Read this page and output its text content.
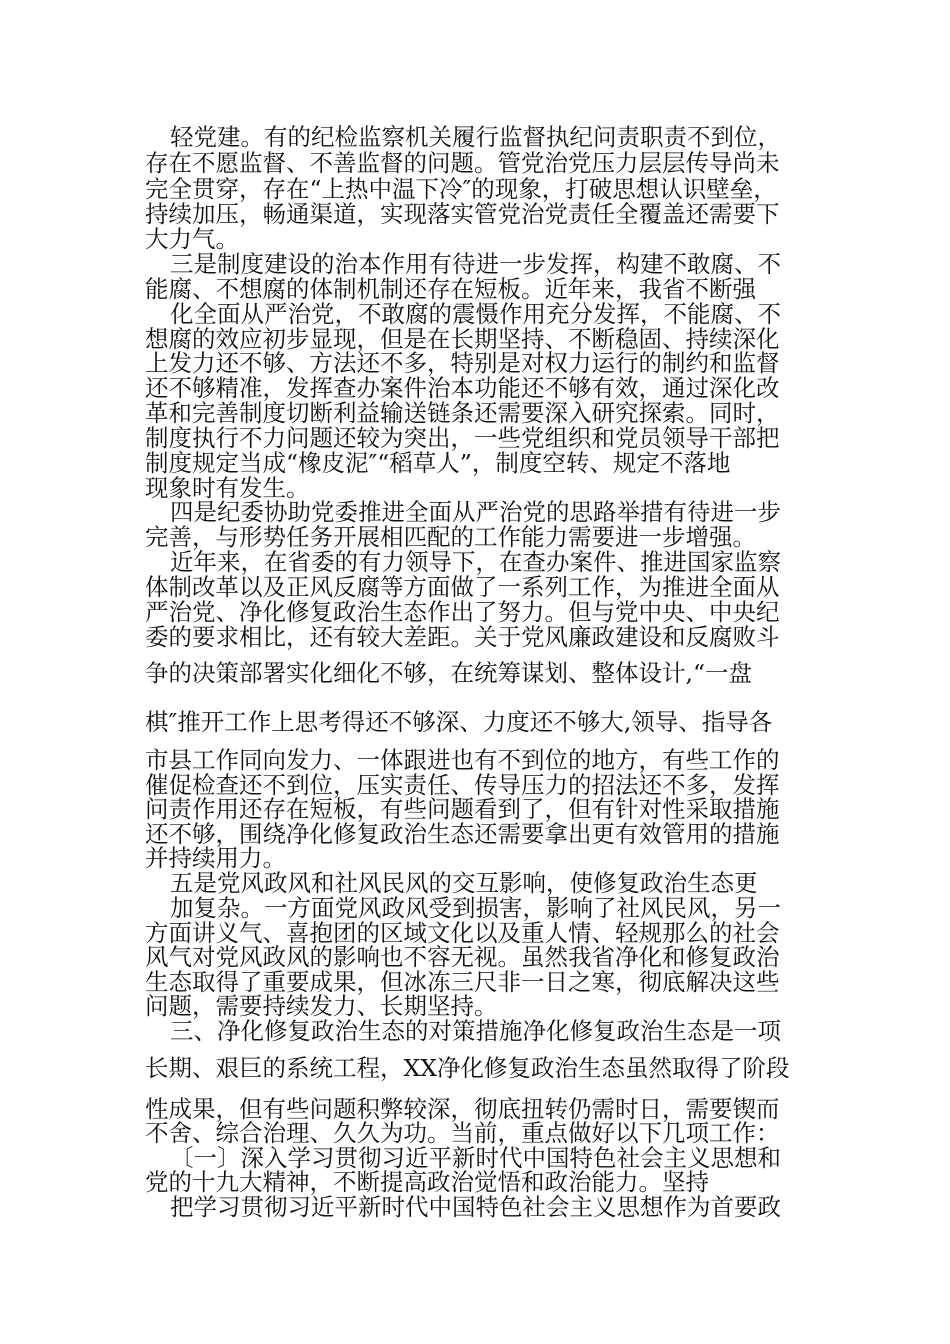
轻党建。有的纪检监察机关履行监督执纪问责职责不到位，
存在不愿监督、不善监督的问题。管党治党压力层层传导尚未
完全贯穿，存在“上热中温下冷″的现象，打破思想认识壁垒，
持续加压，畅通渠道，实现落实管党治党责任全覆盖还需要下
大力气。
三是制度建设的治本作用有待进一步发挥，构建不敢腐、不
能腐、不想腐的体制机制还存在短板。近年来，我省不断强
化全面从严治党，不敢腐的震慑作用充分发挥，不能腐、不
想腐的效应初步显现，但是在长期坚持、不断稳固、持续深化
上发力还不够、方法还不多，特别是对权力运行的制约和监督
还不够精准，发挥查办案件治本功能还不够有效，通过深化改
革和完善制度切断利益输送链条还需要深入研究探索。同时，
制度执行不力问题还较为突出，一些党组织和党员领导干部把
制度规定当成“橡皮泥″“稻草人”，制度空转、规定不落地
现象时有发生。
四是纪委协助党委推进全面从严治党的思路举措有待进一步
完善，与形势任务开展相匹配的工作能力需要进一步增强。
近年来，在省委的有力领导下，在查办案件、推进国家监察
体制改革以及正风反腐等方面做了一系列工作，为推进全面从
严治党、净化修复政治生态作出了努力。但与党中央、中央纪
委的要求相比，还有较大差距。关于党风廉政建设和反腐败斗
争的决策部署实化细化不够，在统筹谋划、整体设计,“一盘
棋″推开工作上思考得还不够深、力度还不够大,领导、指导各
市县工作同向发力、一体跟进也有不到位的地方，有些工作的
催促检查还不到位，压实责任、传导压力的招法还不多，发挥
问责作用还存在短板，有些问题看到了，但有针对性采取措施
还不够，围绕净化修复政治生态还需要拿出更有效管用的措施
并持续用力。
五是党风政风和社风民风的交互影响，使修复政治生态更
加复杂。一方面党风政风受到损害，影响了社风民风，另一
方面讲义气、喜抱团的区域文化以及重人情、轻规那么的社会
风气对党风政风的影响也不容无视。虽然我省净化和修复政治
生态取得了重要成果，但冰冻三尺非一日之寒，彻底解决这些
问题，需要持续发力、长期坚持。
三、净化修复政治生态的对策措施净化修复政治生态是一项
长期、艰巨的系统工程，XX净化修复政治生态虽然取得了阶段
性成果，但有些问题积弊较深，彻底扭转仍需时日，需要锲而
不舍、综合治理、久久为功。当前，重点做好以下几项工作：
〔一〕深入学习贯彻习近平新时代中国特色社会主义思想和
党的十九大精神，不断提高政治觉悟和政治能力。坚持
把学习贯彻习近平新时代中国特色社会主义思想作为首要政
